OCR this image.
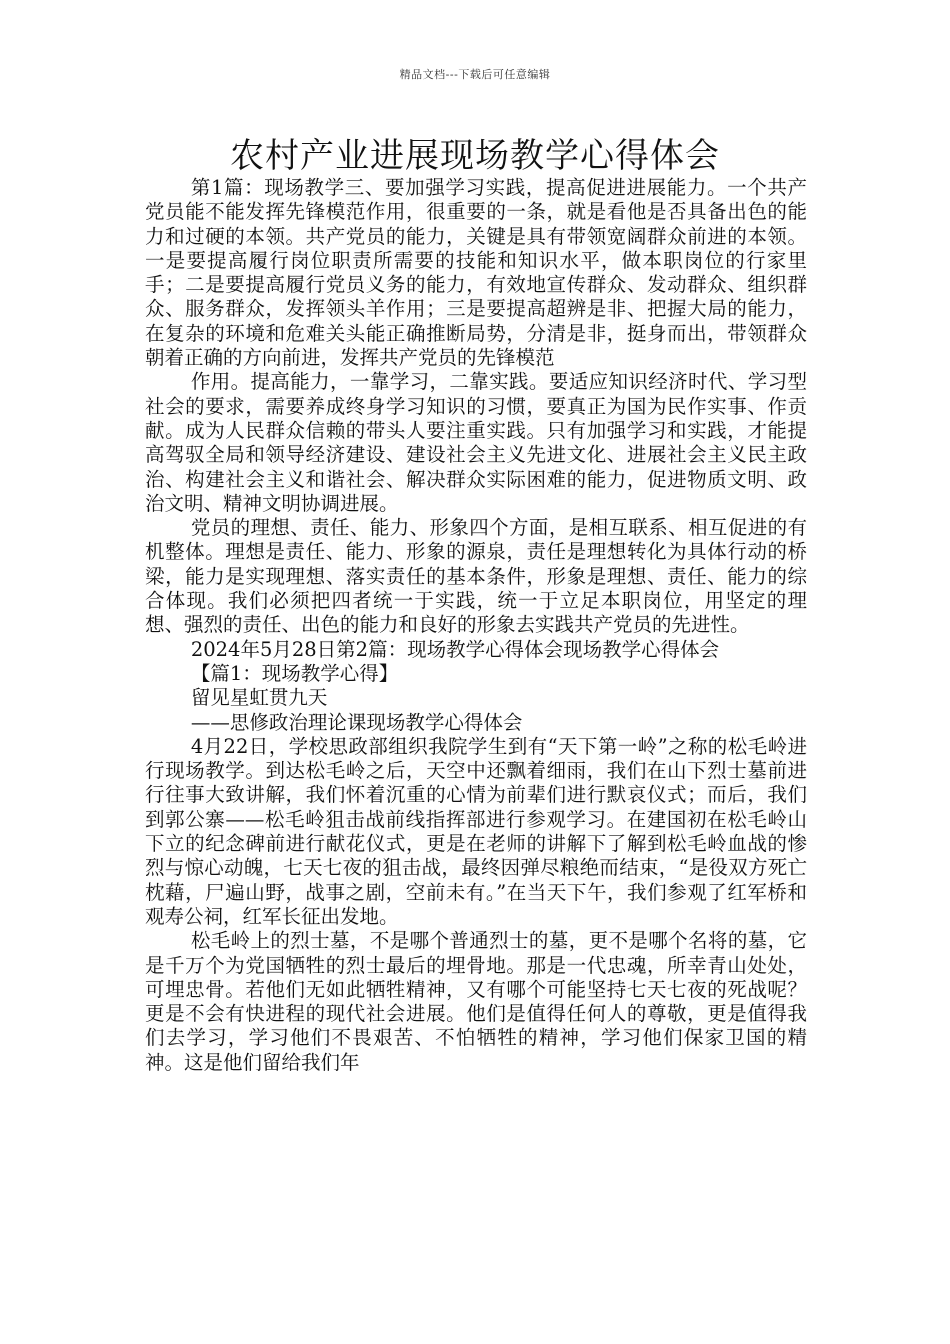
精品文档---下载后可任意编辑
农村产业进展现场教学心得体会

第1篇：现场教学三、要加强学习实践，提高促进进展能力。一个共产党员能不能发挥先锋模范作用，很重要的一条，就是看他是否具备出色的能力和过硬的本领。共产党员的能力，关键是具有带领宽阔群众前进的本领。一是要提高履行岗位职责所需要的技能和知识水平，做本职岗位的行家里手；二是要提高履行党员义务的能力，有效地宣传群众、发动群众、组织群众、服务群众，发挥领头羊作用；三是要提高超辨是非、把握大局的能力，在复杂的环境和危难关头能正确推断局势，分清是非，挺身而出，带领群众朝着正确的方向前进，发挥共产党员的先锋模范

作用。提高能力，一靠学习，二靠实践。要适应知识经济时代、学习型社会的要求，需要养成终身学习知识的习惯，要真正为国为民作实事、作贡献。成为人民群众信赖的带头人要注重实践。只有加强学习和实践，才能提高驾驭全局和领导经济建设、建设社会主义先进文化、进展社会主义民主政治、构建社会主义和谐社会、解决群众实际困难的能力，促进物质文明、政治文明、精神文明协调进展。

党员的理想、责任、能力、形象四个方面，是相互联系、相互促进的有机整体。理想是责任、能力、形象的源泉，责任是理想转化为具体行动的桥梁，能力是实现理想、落实责任的基本条件，形象是理想、责任、能力的综合体现。我们必须把四者统一于实践，统一于立足本职岗位，用坚定的理想、强烈的责任、出色的能力和良好的形象去实践共产党员的先进性。

2024年5月28日第2篇：现场教学心得体会现场教学心得体会

【篇1：现场教学心得】

留见星虹贯九天

——思修政治理论课现场教学心得体会

4月22日，学校思政部组织我院学生到有“天下第一岭”之称的松毛岭进行现场教学。到达松毛岭之后，天空中还飘着细雨，我们在山下烈士墓前进行往事大致讲解，我们怀着沉重的心情为前辈们进行默哀仪式；而后，我们到郭公寨——松毛岭狙击战前线指挥部进行参观学习。在建国初在松毛岭山下立的纪念碑前进行献花仪式，更是在老师的讲解下了解到松毛岭血战的惨烈与惊心动魄，七天七夜的狙击战，最终因弹尽粮绝而结束，“是役双方死亡枕藉，尸遍山野，战事之剧，空前未有。”在当天下午，我们参观了红军桥和观寿公祠，红军长征出发地。

松毛岭上的烈士墓，不是哪个普通烈士的墓，更不是哪个名将的墓，它是千万个为党国牺牲的烈士最后的埋骨地。那是一代忠魂，所幸青山处处，可埋忠骨。若他们无如此牺牲精神，又有哪个可能坚持七天七夜的死战呢？更是不会有快进程的现代社会进展。他们是值得任何人的尊敬，更是值得我们去学习，学习他们不畏艰苦、不怕牺牲的精神，学习他们保家卫国的精神。这是他们留给我们年
